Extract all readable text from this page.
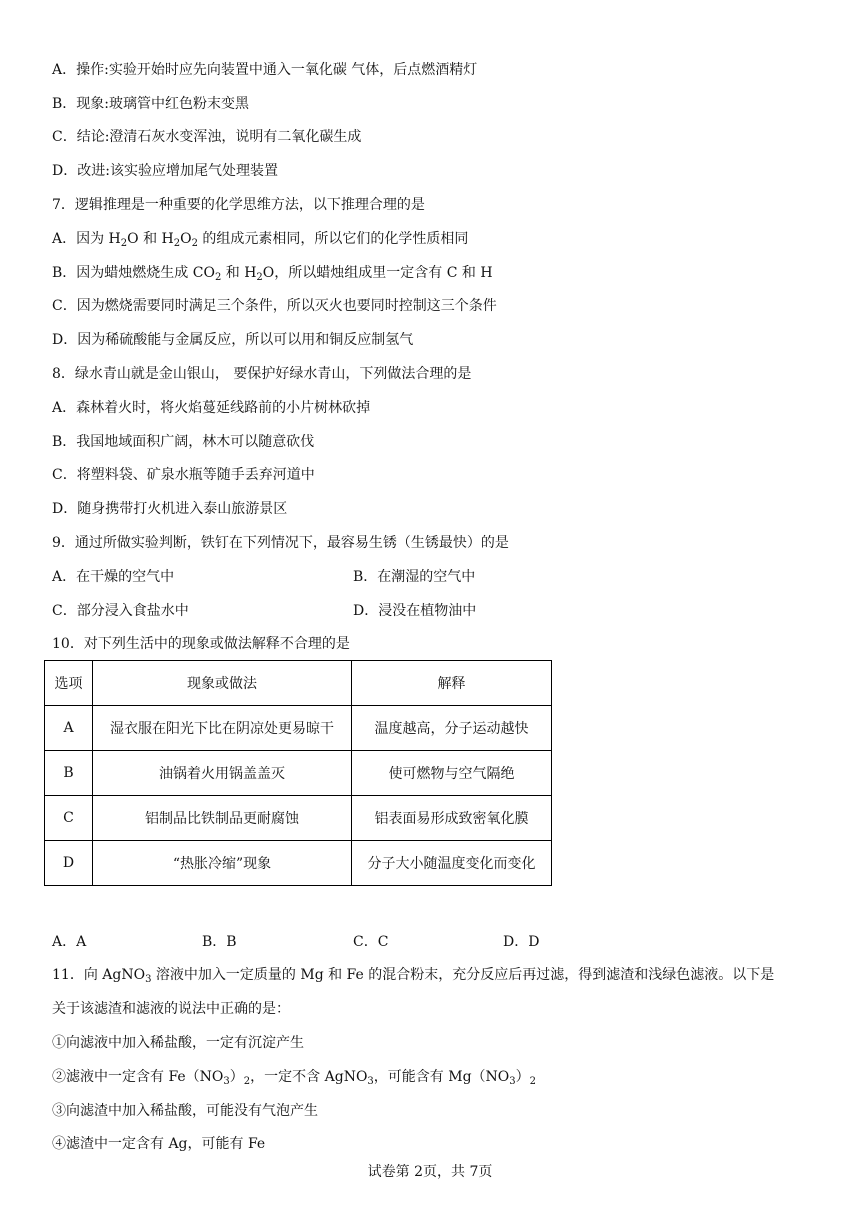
A．操作:实验开始时应先向装置中通入一氧化碳 气体，后点燃酒精灯
B．现象:玻璃管中红色粉末变黑
C．结论:澄清石灰水变浑浊，说明有二氧化碳生成
D．改进:该实验应增加尾气处理装置
7．逻辑推理是一种重要的化学思维方法，以下推理合理的是
A．因为 $H_2O$ 和 $H_2O_2$ 的组成元素相同，所以它们的化学性质相同
B．因为蜡烛燃烧生成 $CO_2$ 和 $H_2O$，所以蜡烛组成里一定含有 C 和 H
C．因为燃烧需要同时满足三个条件，所以灭火也要同时控制这三个条件
D．因为稀硫酸能与金属反应，所以可以用和铜反应制氢气
8．绿水青山就是金山银山， 要保护好绿水青山，下列做法合理的是
A．森林着火时，将火焰蔓延线路前的小片树林砍掉
B．我国地域面积广阔，林木可以随意砍伐
C．将塑料袋、矿泉水瓶等随手丢弃河道中
D．随身携带打火机进入泰山旅游景区
9．通过所做实验判断，铁钉在下列情况下，最容易生锈（生锈最快）的是
A．在干燥的空气中	B．在潮湿的空气中
C．部分浸入食盐水中	D．浸没在植物油中
10．对下列生活中的现象或做法解释不合理的是
选项	现象或做法	解释
A	湿衣服在阳光下比在阴凉处更易晾干	温度越高，分子运动越快
B	油锅着火用锅盖盖灭	使可燃物与空气隔绝
C	铝制品比铁制品更耐腐蚀	铝表面易形成致密氧化膜
D	“热胀冷缩”现象	分子大小随温度变化而变化
A．A	B．B	C．C	D．D
11．向 AgNO$_3$ 溶液中加入一定质量的 Mg 和 Fe 的混合粉末，充分反应后再过滤，得到滤渣和浅绿色滤液。以下是
关于该滤渣和滤液的说法中正确的是：
①向滤液中加入稀盐酸，一定有沉淀产生
②滤液中一定含有 $Fe(NO_3)_2$，一定不含 AgNO$_3$，可能含有 $Mg(NO_3)_2$
③向滤渣中加入稀盐酸，可能没有气泡产生
④滤渣中一定含有 Ag，可能有 Fe
试卷第 2页，共 7页
